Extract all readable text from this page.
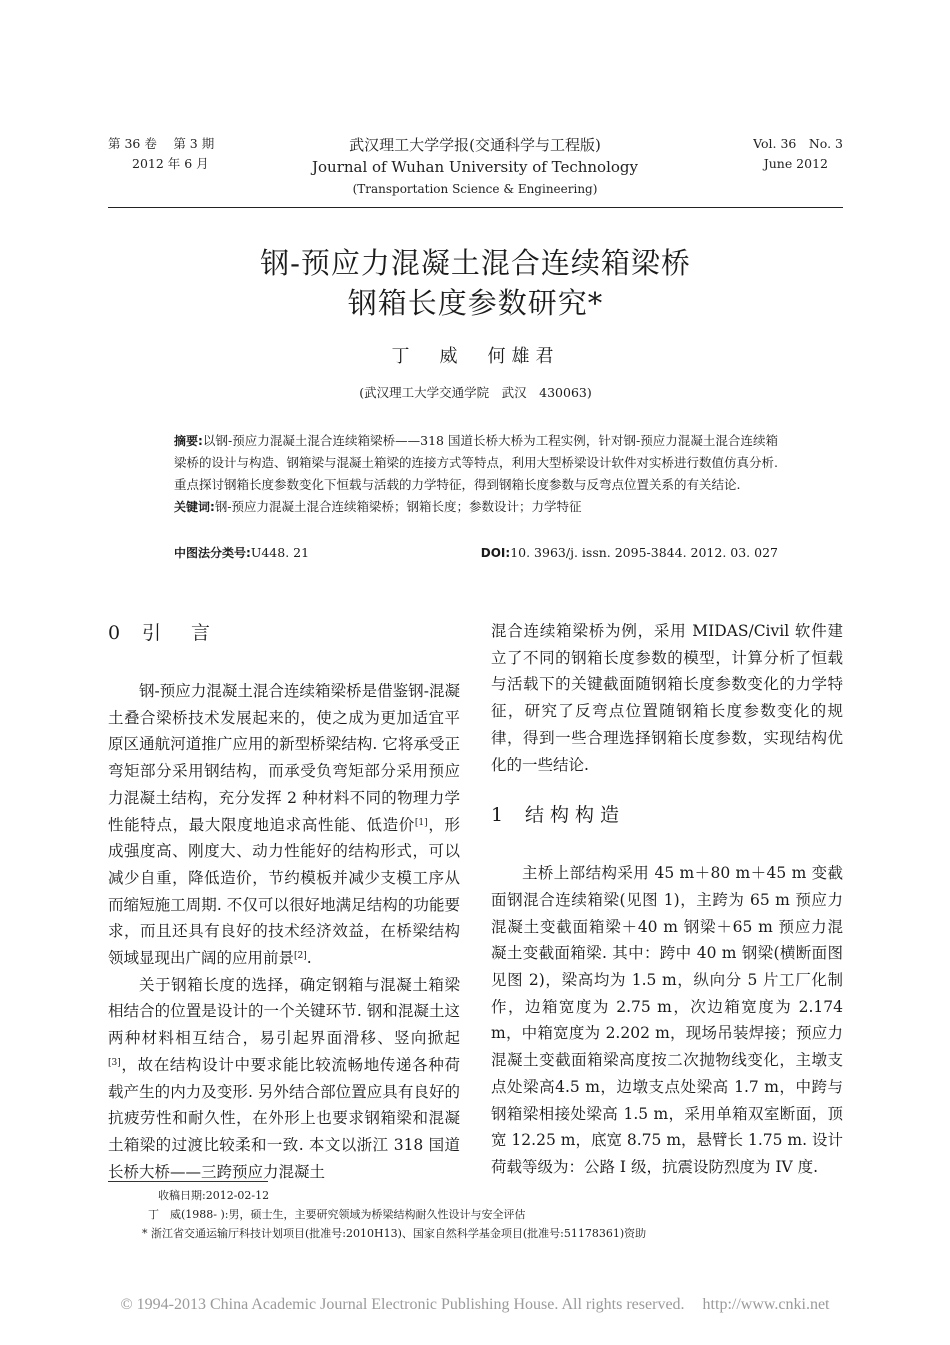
第 36 卷　 第 3 期
2012 年 6 月
武汉理工大学学报(交通科学与工程版)
Journal of Wuhan University of Technology
(Transportation Science & Engineering)
Vol. 36　No. 3
June 2012
钢-预应力混凝土混合连续箱梁桥
钢箱长度参数研究*
丁　威　何雄君
(武汉理工大学交通学院　武汉　430063)
摘要:以钢-预应力混凝土混合连续箱梁桥——318 国道长桥大桥为工程实例，针对钢-预应力混凝土混合连续箱梁桥的设计与构造、钢箱梁与混凝土箱梁的连接方式等特点，利用大型桥梁设计软件对实桥进行数值仿真分析. 重点探讨钢箱长度参数变化下恒载与活载的力学特征，得到钢箱长度参数与反弯点位置关系的有关结论.
关键词:钢-预应力混凝土混合连续箱梁桥；钢箱长度；参数设计；力学特征
中图法分类号:U448. 21	DOI:10. 3963/j. issn. 2095-3844. 2012. 03. 027
0 引言

钢-预应力混凝土混合连续箱梁桥是借鉴钢-混凝土叠合梁桥技术发展起来的，使之成为更加适宜平原区通航河道推广应用的新型桥梁结构. 它将承受正弯矩部分采用钢结构，而承受负弯矩部分采用预应力混凝土结构，充分发挥 2 种材料不同的物理力学性能特点，最大限度地追求高性能、低造价[1]，形成强度高、刚度大、动力性能好的结构形式，可以减少自重，降低造价，节约模板并减少支模工序从而缩短施工周期. 不仅可以很好地满足结构的功能要求，而且还具有良好的技术经济效益，在桥梁结构领域显现出广阔的应用前景[2].

关于钢箱长度的选择，确定钢箱与混凝土箱梁相结合的位置是设计的一个关键环节. 钢和混凝土这两种材料相互结合，易引起界面滑移、竖向掀起[3]，故在结构设计中要求能比较流畅地传递各种荷载产生的内力及变形. 另外结合部位置应具有良好的抗疲劳性和耐久性，在外形上也要求钢箱梁和混凝土箱梁的过渡比较柔和一致. 本文以浙江 318 国道长桥大桥——三跨预应力混凝土

混合连续箱梁桥为例，采用 MIDAS/Civil 软件建立了不同的钢箱长度参数的模型，计算分析了恒载与活载下的关键截面随钢箱长度参数变化的力学特征，研究了反弯点位置随钢箱长度参数变化的规律，得到一些合理选择钢箱长度参数，实现结构优化的一些结论.

1 结构构造

主桥上部结构采用 45 m＋80 m＋45 m 变截面钢混合连续箱梁(见图 1)，主跨为 65 m 预应力混凝土变截面箱梁＋40 m 钢梁＋65 m 预应力混凝土变截面箱梁. 其中：跨中 40 m 钢梁(横断面图见图 2)，梁高均为 1.5 m，纵向分 5 片工厂化制作，边箱宽度为 2.75 m，次边箱宽度为 2.174 m，中箱宽度为 2.202 m，现场吊装焊接；预应力混凝土变截面箱梁高度按二次抛物线变化，主墩支点处梁高4.5 m，边墩支点处梁高 1.7 m，中跨与钢箱梁相接处梁高 1.5 m，采用单箱双室断面，顶宽 12.25 m，底宽 8.75 m，悬臂长 1.75 m. 设计荷载等级为：公路 I 级，抗震设防烈度为 IV 度.

收稿日期:2012-02-12
丁　威(1988- ):男，硕士生，主要研究领域为桥梁结构耐久性设计与安全评估
* 浙江省交通运输厅科技计划项目(批准号:2010H13)、国家自然科学基金项目(批准号:51178361)资助
© 1994-2013 China Academic Journal Electronic Publishing House. All rights reserved. http://www.cnki.net
